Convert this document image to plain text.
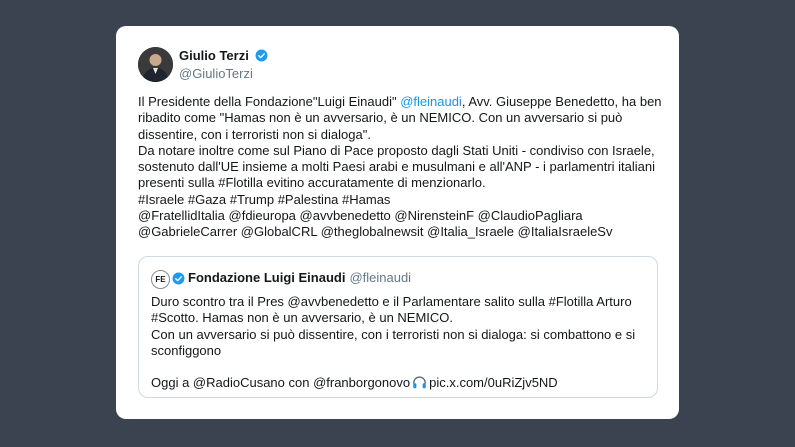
Giulio Terzi
@GiulioTerzi

Il Presidente della Fondazione"Luigi Einaudi" @fleinaudi, Avv. Giuseppe Benedetto, ha ben ribadito come "Hamas non è un avversario, è un NEMICO. Con un avversario si può dissentire, con i terroristi non si dialoga".

Da notare inoltre come sul Piano di Pace proposto dagli Stati Uniti - condiviso con Israele, sostenuto dall'UE insieme a molti Paesi arabi e musulmani e all'ANP - i parlamentri italiani presenti sulla #Flotilla evitino accuratamente di menzionarlo.

#Israele #Gaza #Trump #Palestina #Hamas

@FratellidItalia @fdieuropa @avvbenedetto @NirensteinF @ClaudioPagliara @GabrieleCarrer @GlobalCRL @theglobalnewsit @Italia_Israele @ItaliaIsraeleSv

FE Fondazione Luigi Einaudi @fleinaudi

Duro scontro tra il Pres @avvbenedetto e il Parlamentare salito sulla #Flotilla Arturo #Scotto. Hamas non è un avversario, è un NEMICO.

Con un avversario si può dissentire, con i terroristi non si dialoga: si combattono e si sconfiggono

Oggi a @RadioCusano con @franborgonovo pic.x.com/0uRiZjv5ND
